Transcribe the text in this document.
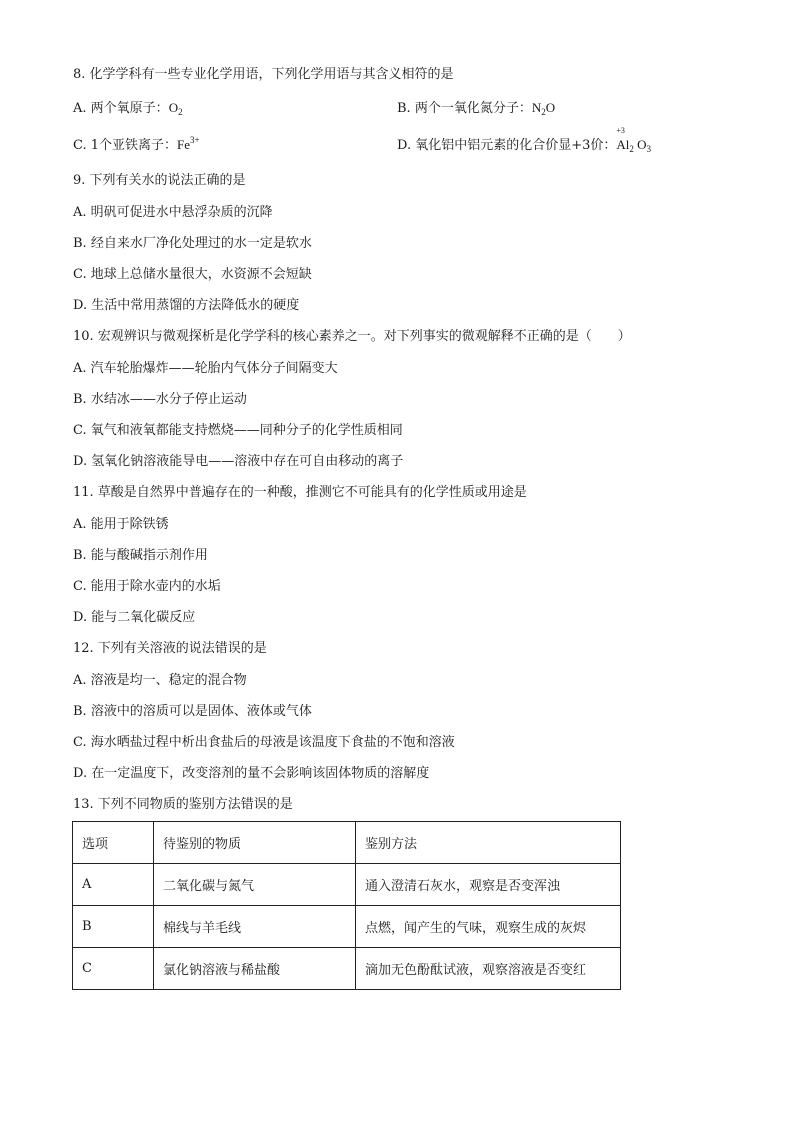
8. 化学学科有一些专业化学用语，下列化学用语与其含义相符的是
A. 两个氧原子：$O_2$	B. 两个一氧化氮分子：$N_2O$
C. 1个亚铁离子：$Fe^{3+}$	D. 氧化铝中铝元素的化合价显+3价：
+3
$Al_2$ $O_3$
9. 下列有关水的说法正确的是
A. 明矾可促进水中悬浮杂质的沉降
B. 经自来水厂净化处理过的水一定是软水
C. 地球上总储水量很大，水资源不会短缺
D. 生活中常用蒸馏的方法降低水的硬度
10. 宏观辨识与微观探析是化学学科的核心素养之一。对下列事实的微观解释不正确的是（　　）
A. 汽车轮胎爆炸——轮胎内气体分子间隔变大
B. 水结冰——水分子停止运动
C. 氧气和液氧都能支持燃烧——同种分子的化学性质相同
D. 氢氧化钠溶液能导电——溶液中存在可自由移动的离子
11. 草酸是自然界中普遍存在的一种酸，推测它不可能具有的化学性质或用途是
A. 能用于除铁锈
B. 能与酸碱指示剂作用
C. 能用于除水壶内的水垢
D. 能与二氧化碳反应
12. 下列有关溶液的说法错误的是
A. 溶液是均一、稳定的混合物
B. 溶液中的溶质可以是固体、液体或气体
C. 海水晒盐过程中析出食盐后的母液是该温度下食盐的不饱和溶液
D. 在一定温度下，改变溶剂的量不会影响该固体物质的溶解度
13. 下列不同物质的鉴别方法错误的是
选项	待鉴别的物质	鉴别方法
A	二氧化碳与氮气	通入澄清石灰水，观察是否变浑浊
B	棉线与羊毛线	点燃，闻产生的气味，观察生成的灰烬
C	氯化钠溶液与稀盐酸	滴加无色酚酞试液，观察溶液是否变红
